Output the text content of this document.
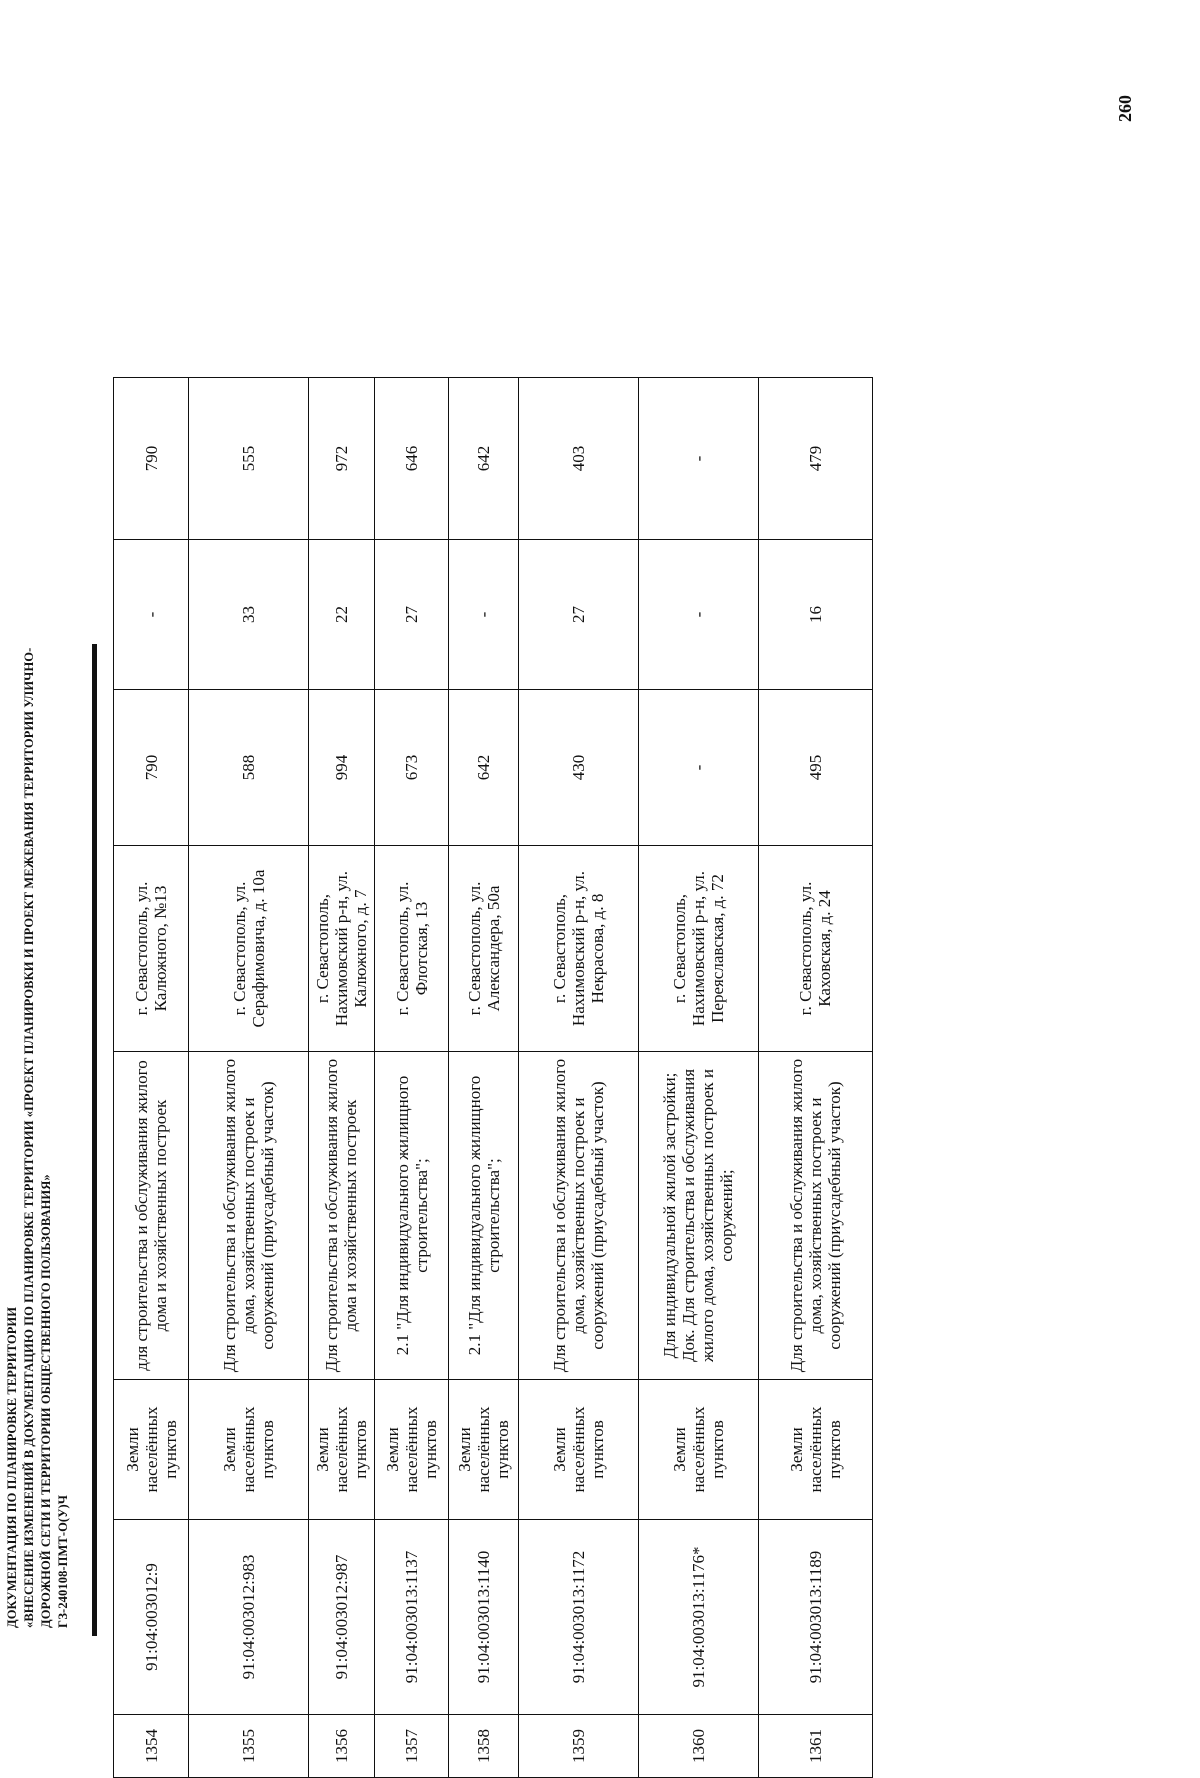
260
ДОКУМЕНТАЦИЯ ПО ПЛАНИРОВКЕ ТЕРРИТОРИИ «ВНЕСЕНИЕ ИЗМЕНЕНИЙ В ДОКУМЕНТАЦИЮ ПО ПЛАНИРОВКЕ ТЕРРИТОРИИ «ПРОЕКТ ПЛАНИРОВКИ И ПРОЕКТ МЕЖЕВАНИЯ ТЕРРИТОРИИ УЛИЧНО- ДОРОЖНОЙ СЕТИ И ТЕРРИТОРИИ ОБЩЕСТВЕННОГО ПОЛЬЗОВАНИЯ» ГЗ-240108-ПМТ-О(У)Ч
1354	91:04:003012:9	Земли населённых пунктов	для строительства и обслуживания жилого дома и хозяйственных построек	г. Севастополь, ул. Калюжного, №13	790	-	790
1355	91:04:003012:983	Земли населённых пунктов	Для строительства и обслуживания жилого дома, хозяйственных построек и сооружений (приусадебный участок)	г. Севастополь, ул. Серафимовича, д. 10а	588	33	555
1356	91:04:003012:987	Земли населённых пунктов	Для строительства и обслуживания жилого дома и хозяйственных построек	г. Севастополь, Нахимовский р-н, ул. Калюжного, д. 7	994	22	972
1357	91:04:003013:1137	Земли населённых пунктов	2.1 "Для индивидуального жилищного строительства";	г. Севастополь, ул. Флотская, 13	673	27	646
1358	91:04:003013:1140	Земли населённых пунктов	2.1 "Для индивидуального жилищного строительства";	г. Севастополь, ул. Александера, 50а	642	-	642
1359	91:04:003013:1172	Земли населённых пунктов	Для строительства и обслуживания жилого дома, хозяйственных построек и сооружений (приусадебный участок)	г. Севастополь, Нахимовский р-н, ул. Некрасова, д. 8	430	27	403
1360	91:04:003013:1176*	Земли населённых пунктов	Для индивидуальной жилой застройки; Док. Для строительства и обслуживания жилого дома, хозяйственных построек и сооружений;	г. Севастополь, Нахимовский р-н, ул. Переяславская, д. 72	-	-	-
1361	91:04:003013:1189	Земли населённых пунктов	Для строительства и обслуживания жилого дома, хозяйственных построек и сооружений (приусадебный участок)	г. Севастополь, ул. Каховская, д. 24	495	16	479
